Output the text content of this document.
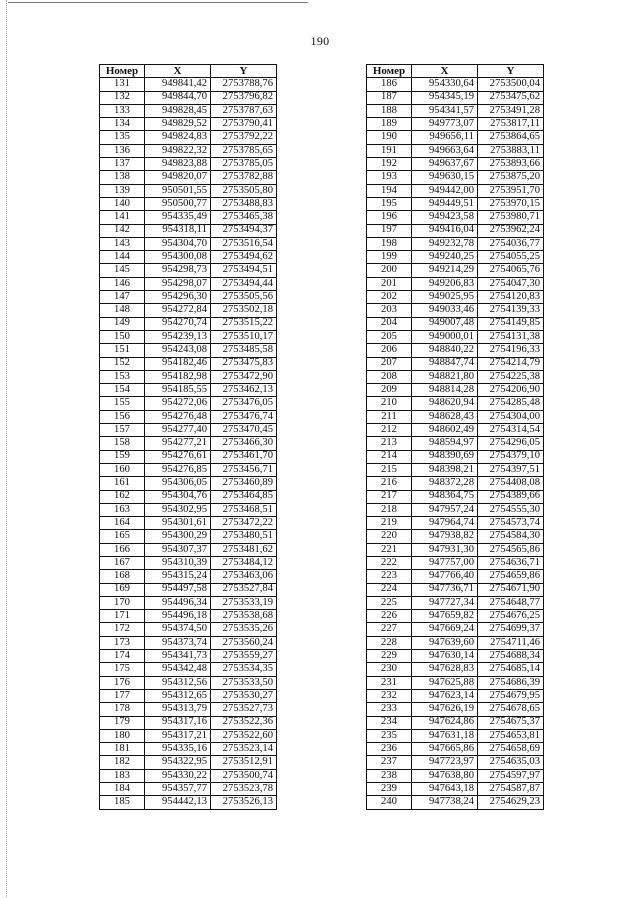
190
Номер	X	Y
131	949841,42	2753788,76
132	949844,70	2753796,82
133	949828,45	2753787,63
134	949829,52	2753790,41
135	949824,83	2753792,22
136	949822,32	2753785,65
137	949823,88	2753785,05
138	949820,07	2753782,88
139	950501,55	2753505,80
140	950500,77	2753488,83
141	954335,49	2753465,38
142	954318,11	2753494,37
143	954304,70	2753516,54
144	954300,08	2753494,62
145	954298,73	2753494,51
146	954298,07	2753494,44
147	954296,30	2753505,56
148	954272,84	2753502,18
149	954270,74	2753515,22
150	954239,13	2753510,17
151	954243,08	2753485,58
152	954182,46	2753475,83
153	954182,98	2753472,90
154	954185,55	2753462,13
155	954272,06	2753476,05
156	954276,48	2753476,74
157	954277,40	2753470,45
158	954277,21	2753466,30
159	954276,61	2753461,70
160	954276,85	2753456,71
161	954306,05	2753460,89
162	954304,76	2753464,85
163	954302,95	2753468,51
164	954301,61	2753472,22
165	954300,29	2753480,51
166	954307,37	2753481,62
167	954310,39	2753484,12
168	954315,24	2753463,06
169	954497,58	2753527,84
170	954496,34	2753533,19
171	954496,18	2753538,68
172	954374,50	2753535,26
173	954373,74	2753560,24
174	954341,73	2753559,27
175	954342,48	2753534,35
176	954312,56	2753533,50
177	954312,65	2753530,27
178	954313,79	2753527,73
179	954317,16	2753522,36
180	954317,21	2753522,60
181	954335,16	2753523,14
182	954322,95	2753512,91
183	954330,22	2753500,74
184	954357,77	2753523,78
185	954442,13	2753526,13
Номер	X	Y
186	954330,64	2753500,04
187	954345,19	2753475,62
188	954341,57	2753491,28
189	949773,07	2753817,11
190	949656,11	2753864,65
191	949663,64	2753883,11
192	949637,67	2753893,66
193	949630,15	2753875,20
194	949442,00	2753951,70
195	949449,51	2753970,15
196	949423,58	2753980,71
197	949416,04	2753962,24
198	949232,78	2754036,77
199	949240,25	2754055,25
200	949214,29	2754065,76
201	949206,83	2754047,30
202	949025,95	2754120,83
203	949033,46	2754139,33
204	949007,48	2754149,85
205	949000,01	2754131,38
206	948840,22	2754196,33
207	948847,74	2754214,79
208	948821,80	2754225,38
209	948814,28	2754206,90
210	948620,94	2754285,48
211	948628,43	2754304,00
212	948602,49	2754314,54
213	948594,97	2754296,05
214	948390,69	2754379,10
215	948398,21	2754397,51
216	948372,28	2754408,08
217	948364,75	2754389,66
218	947957,24	2754555,30
219	947964,74	2754573,74
220	947938,82	2754584,30
221	947931,30	2754565,86
222	947757,00	2754636,71
223	947766,40	2754659,86
224	947736,71	2754671,90
225	947727,34	2754648,77
226	947659,82	2754676,25
227	947669,24	2754699,37
228	947639,60	2754711,46
229	947630,14	2754688,34
230	947628,83	2754685,14
231	947625,88	2754686,39
232	947623,14	2754679,95
233	947626,19	2754678,65
234	947624,86	2754675,37
235	947631,18	2754653,81
236	947665,86	2754658,69
237	947723,97	2754635,03
238	947638,80	2754597,97
239	947643,18	2754587,87
240	947738,24	2754629,23
